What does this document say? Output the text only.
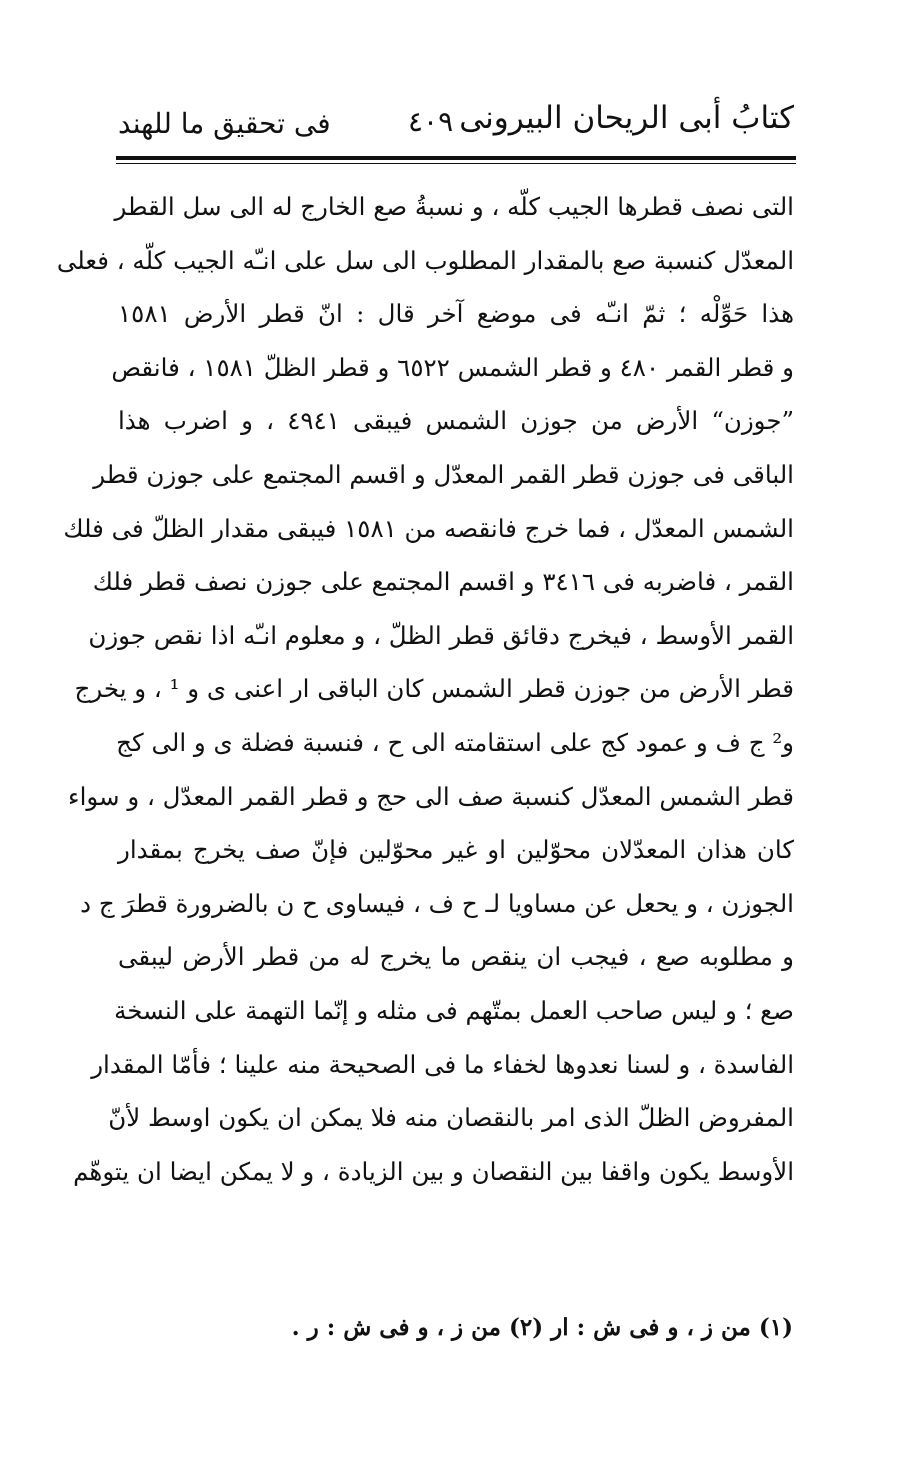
كتابُ أبى الريحان البيرونى
٤٠٩
فى تحقيق ما للهند
التى نصف قطرها الجيب كلّه ، و نسبةُ صع الخارج له الى سل القطر
المعدّل كنسبة صع بالمقدار المطلوب الى سل على انـّه الجيب كلّه ، فعلى
هذا حَوِّلْه ؛ ثمّ انـّه فى موضع آخر قال : انّ قطر الأرض ١٥٨١
و قطر القمر ٤٨٠ و قطر الشمس ٦٥٢٢ و قطر الظلّ ١٥٨١ ، فانقص
”جوزن“ الأرض من جوزن الشمس فيبقى ٤٩٤١ ، و اضرب هذا
الباقى فى جوزن قطر القمر المعدّل و اقسم المجتمع على جوزن قطر
الشمس المعدّل ، فما خرج فانقصه من ١٥٨١ فيبقى مقدار الظلّ فى فلك
القمر ، فاضربه فى ٣٤١٦ و اقسم المجتمع على جوزن نصف قطر فلك
القمر الأوسط ، فيخرج دقائق قطر الظلّ ، و معلوم انـّه اذا نقص جوزن
قطر الأرض من جوزن قطر الشمس كان الباقى ار اعنى ى و ¹ ، و يخرج
و² ج ف و عمود كج على استقامته الى ح ، فنسبة فضلة ى و الى كج
قطر الشمس المعدّل كنسبة صف الى حج و قطر القمر المعدّل ، و سواء
كان هذان المعدّلان محوّلين او غير محوّلين فإنّ صف يخرج بمقدار
الجوزن ، و يحعل عن مساويا لـ ح ف ، فيساوى ح ن بالضرورة قطرَ ج د
و مطلوبه صع ، فيجب ان ينقص ما يخرج له من قطر الأرض ليبقى
صع ؛ و ليس صاحب العمل بمتّهم فى مثله و إنّما التهمة على النسخة
الفاسدة ، و لسنا نعدوها لخفاء ما فى الصحيحة منه علينا ؛ فأمّا المقدار
المفروض الظلّ الذى امر بالنقصان منه فلا يمكن ان يكون اوسط لأنّ
الأوسط يكون واقفا بين النقصان و بين الزيادة ، و لا يمكن ايضا ان يتوهّم
(١) من ز ، و فى ش : ار (٢) من ز ، و فى ش : ر .
